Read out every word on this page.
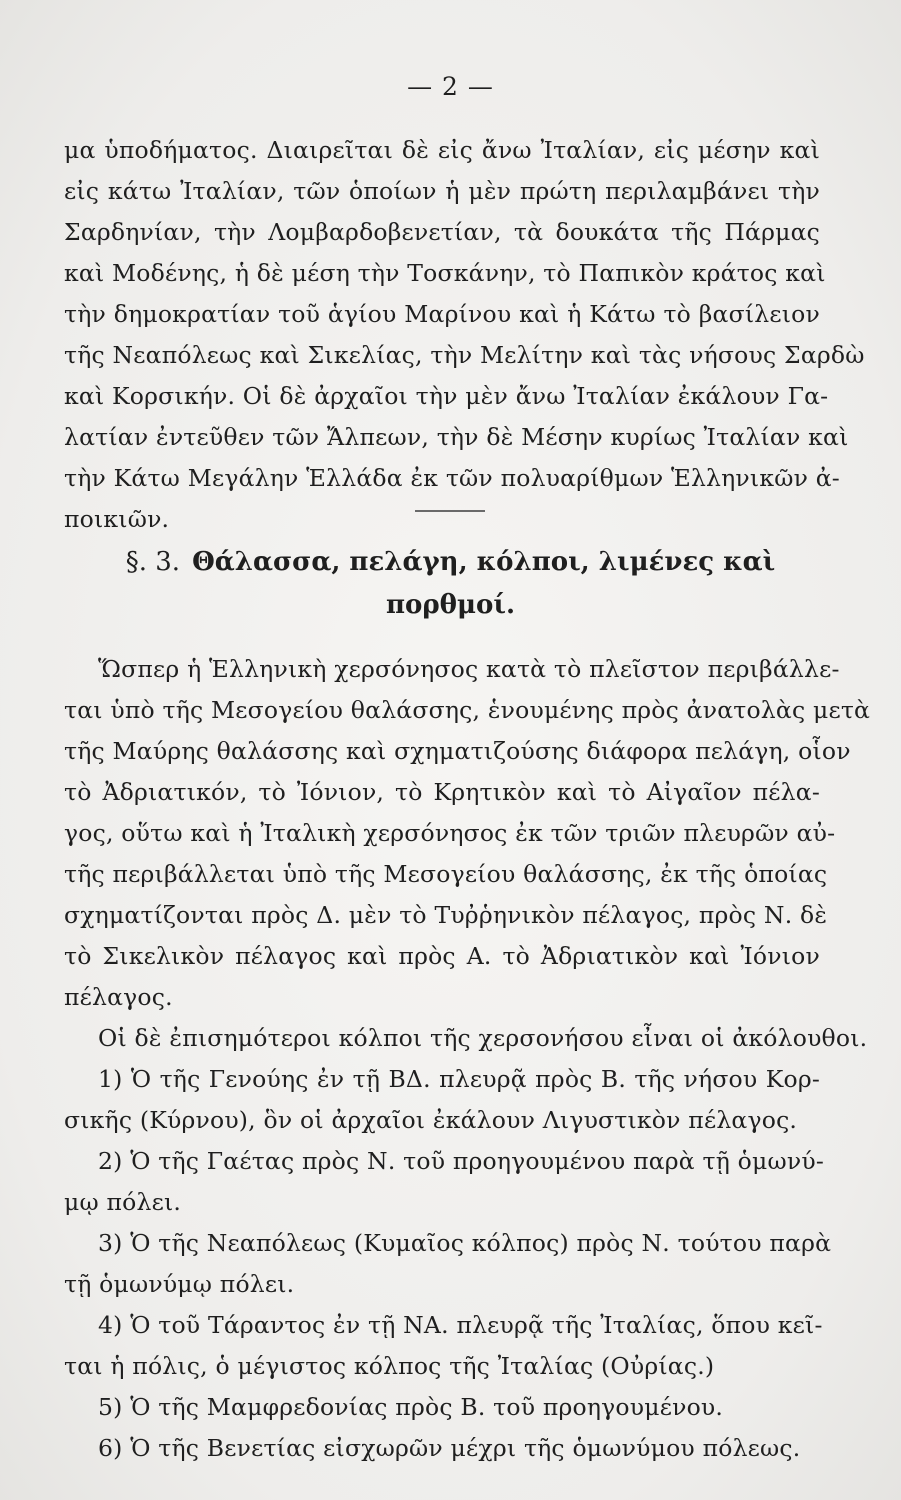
— 2 —
μα ὑποδήματος. Διαιρεῖται δὲ εἰς ἄνω Ἰταλίαν, εἰς μέσην καὶ
εἰς κάτω Ἰταλίαν, τῶν ὁποίων ἡ μὲν πρώτη περιλαμβάνει τὴν
Σαρδηνίαν, τὴν Λομβαρδοβενετίαν, τὰ δουκάτα τῆς Πάρμας
καὶ Μοδένης, ἡ δὲ μέση τὴν Τοσκάνην, τὸ Παπικὸν κράτος καὶ
τὴν δημοκρατίαν τοῦ ἁγίου Μαρίνου καὶ ἡ Κάτω τὸ βασίλειον
τῆς Νεαπόλεως καὶ Σικελίας, τὴν Μελίτην καὶ τὰς νήσους Σαρδὼ
καὶ Κορσικήν. Οἱ δὲ ἀρχαῖοι τὴν μὲν ἄνω Ἰταλίαν ἐκάλουν Γα-
λατίαν ἐντεῦθεν τῶν Ἄλπεων, τὴν δὲ Μέσην κυρίως Ἰταλίαν καὶ
τὴν Κάτω Μεγάλην Ἑλλάδα ἐκ τῶν πολυαρίθμων Ἑλληνικῶν ἀ-
ποικιῶν.
§. 3. Θάλασσα, πελάγη, κόλποι, λιμένες καὶ
πορθμοί.
Ὥσπερ ἡ Ἑλληνικὴ χερσόνησος κατὰ τὸ πλεῖστον περιβάλλε-
ται ὑπὸ τῆς Μεσογείου θαλάσσης, ἑνουμένης πρὸς ἀνατολὰς μετὰ
τῆς Μαύρης θαλάσσης καὶ σχηματιζούσης διάφορα πελάγη, οἷον
τὸ Ἀδριατικόν, τὸ Ἰόνιον, τὸ Κρητικὸν καὶ τὸ Αἰγαῖον πέλα-
γος, οὕτω καὶ ἡ Ἰταλικὴ χερσόνησος ἐκ τῶν τριῶν πλευρῶν αὐ-
τῆς περιβάλλεται ὑπὸ τῆς Μεσογείου θαλάσσης, ἐκ τῆς ὁποίας
σχηματίζονται πρὸς Δ. μὲν τὸ Τυῤῥηνικὸν πέλαγος, πρὸς Ν. δὲ
τὸ Σικελικὸν πέλαγος καὶ πρὸς Α. τὸ Ἀδριατικὸν καὶ Ἰόνιον
πέλαγος.
Οἱ δὲ ἐπισημότεροι κόλποι τῆς χερσονήσου εἶναι οἱ ἀκόλουθοι.
1) Ὁ τῆς Γενούης ἐν τῇ ΒΔ. πλευρᾷ πρὸς Β. τῆς νήσου Κορ-
σικῆς (Κύρνου), ὃν οἱ ἀρχαῖοι ἐκάλουν Λιγυστικὸν πέλαγος.
2) Ὁ τῆς Γαέτας πρὸς Ν. τοῦ προηγουμένου παρὰ τῇ ὁμωνύ-
μῳ πόλει.
3) Ὁ τῆς Νεαπόλεως (Κυμαῖος κόλπος) πρὸς Ν. τούτου παρὰ
τῇ ὁμωνύμῳ πόλει.
4) Ὁ τοῦ Τάραντος ἐν τῇ ΝΑ. πλευρᾷ τῆς Ἰταλίας, ὅπου κεῖ-
ται ἡ πόλις, ὁ μέγιστος κόλπος τῆς Ἰταλίας (Οὐρίας.)
5) Ὁ τῆς Μαμφρεδονίας πρὸς Β. τοῦ προηγουμένου.
6) Ὁ τῆς Βενετίας εἰσχωρῶν μέχρι τῆς ὁμωνύμου πόλεως.
